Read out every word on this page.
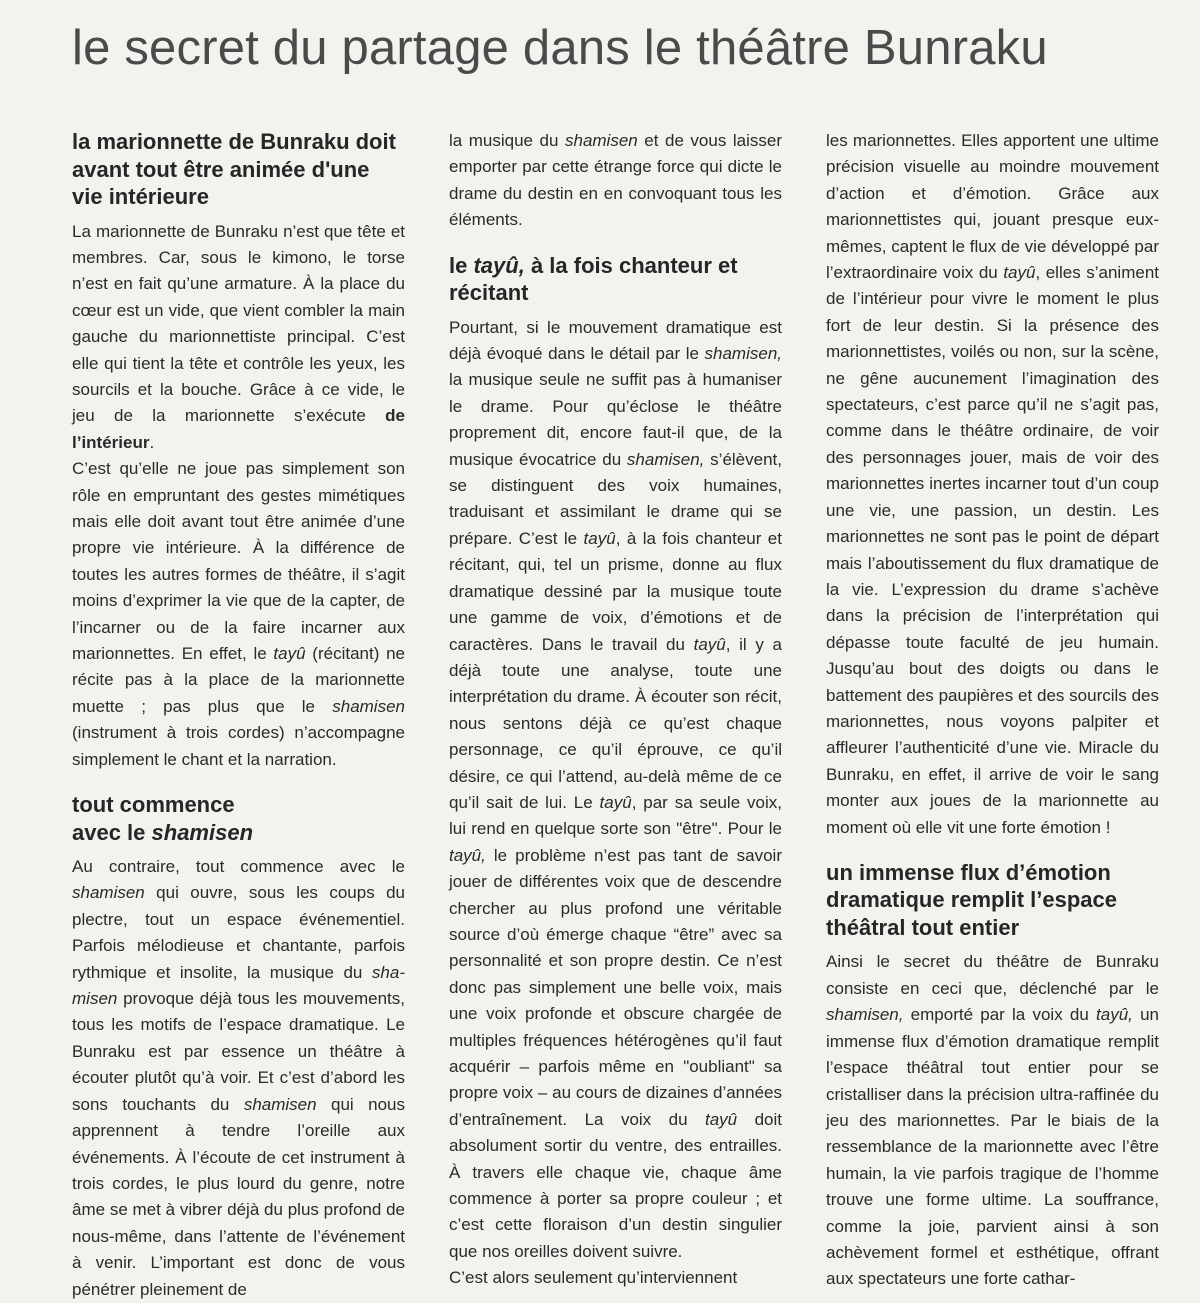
le secret du partage dans le théâtre Bunraku
la marionnette de Bunraku doit avant tout être animée d'une vie intérieure

La marionnette de Bunraku n’est que tête et membres. Car, sous le kimono, le torse n’est en fait qu’une armature. À la place du cœur est un vide, que vient combler la main gauche du marionnettiste principal. C’est elle qui tient la tête et contrôle les yeux, les sourcils et la bouche. Grâce à ce vide, le jeu de la marionnette s’exécute de l’intérieur.

C’est qu’elle ne joue pas simplement son rôle en empruntant des gestes mimétiques mais elle doit avant tout être animée d’une propre vie intérieure. À la différence de toutes les autres formes de théâtre, il s’agit moins d’exprimer la vie que de la capter, de l’incarner ou de la faire incarner aux marionnettes. En effet, le tayû (récitant) ne récite pas à la place de la marionnette muette ; pas plus que le shamisen (instrument à trois cordes) n’accompagne simplement le chant et la narration.

tout commence
avec le shamisen

Au contraire, tout commence avec le shamisen qui ouvre, sous les coups du plectre, tout un espace événementiel. Parfois mélodieuse et chantante, parfois rythmique et insolite, la musique du shamisen provoque déjà tous les mouvements, tous les motifs de l’espace dramatique. Le Bunraku est par essence un théâtre à écouter plutôt qu’à voir. Et c’est d’abord les sons touchants du shamisen qui nous apprennent à tendre l’oreille aux événements. À l’écoute de cet instrument à trois cordes, le plus lourd du genre, notre âme se met à vibrer déjà du plus profond de nous-même, dans l’attente de l’événement à venir. L’important est donc de vous pénétrer pleinement de

la musique du shamisen et de vous laisser emporter par cette étrange force qui dicte le drame du destin en en convoquant tous les éléments.

le tayû, à la fois chanteur et récitant

Pourtant, si le mouvement dramatique est déjà évoqué dans le détail par le shamisen, la musique seule ne suffit pas à humaniser le drame. Pour qu’éclose le théâtre proprement dit, encore faut-il que, de la musique évocatrice du shamisen, s’élèvent, se distinguent des voix humaines, traduisant et assimilant le drame qui se prépare. C’est le tayû, à la fois chanteur et récitant, qui, tel un prisme, donne au flux dramatique dessiné par la musique toute une gamme de voix, d’émotions et de caractères. Dans le travail du tayû, il y a déjà toute une analyse, toute une interprétation du drame. À écouter son récit, nous sentons déjà ce qu’est chaque personnage, ce qu’il éprouve, ce qu’il désire, ce qui l’attend, au-delà même de ce qu’il sait de lui. Le tayû, par sa seule voix, lui rend en quelque sorte son "être". Pour le tayû, le problème n’est pas tant de savoir jouer de différentes voix que de descendre chercher au plus profond une véritable source d’où émerge chaque “être” avec sa personnalité et son propre destin. Ce n’est donc pas simplement une belle voix, mais une voix profonde et obscure chargée de multiples fréquences hétérogènes qu’il faut acquérir – parfois même en "oubliant" sa propre voix – au cours de dizaines d’années d’entraînement. La voix du tayû doit absolument sortir du ventre, des entrailles. À travers elle chaque vie, chaque âme commence à porter sa propre couleur ; et c’est cette floraison d’un destin singulier que nos oreilles doivent suivre.

C’est alors seulement qu’interviennent

les marionnettes. Elles apportent une ultime précision visuelle au moindre mouvement d’action et d’émotion. Grâce aux marionnettistes qui, jouant presque eux-mêmes, captent le flux de vie développé par l’extraordinaire voix du tayû, elles s’animent de l’intérieur pour vivre le moment le plus fort de leur destin. Si la présence des marionnettistes, voilés ou non, sur la scène, ne gêne aucunement l’imagination des spectateurs, c’est parce qu’il ne s’agit pas, comme dans le théâtre ordinaire, de voir des personnages jouer, mais de voir des marionnettes inertes incarner tout d’un coup une vie, une passion, un destin. Les marionnettes ne sont pas le point de départ mais l’aboutissement du flux dramatique de la vie. L’expression du drame s’achève dans la précision de l’interprétation qui dépasse toute faculté de jeu humain. Jusqu’au bout des doigts ou dans le battement des paupières et des sourcils des marionnettes, nous voyons palpiter et affleurer l’authenticité d’une vie. Miracle du Bunraku, en effet, il arrive de voir le sang monter aux joues de la marionnette au moment où elle vit une forte émotion !

un immense flux d’émotion dramatique remplit l’espace théâtral tout entier

Ainsi le secret du théâtre de Bunraku consiste en ceci que, déclenché par le shamisen, emporté par la voix du tayû, un immense flux d’émotion dramatique remplit l’espace théâtral tout entier pour se cristalliser dans la précision ultra-raffinée du jeu des marionnettes. Par le biais de la ressemblance de la marionnette avec l’être humain, la vie parfois tragique de l’homme trouve une forme ultime. La souffrance, comme la joie, parvient ainsi à son achèvement formel et esthétique, offrant aux spectateurs une forte cathar-
